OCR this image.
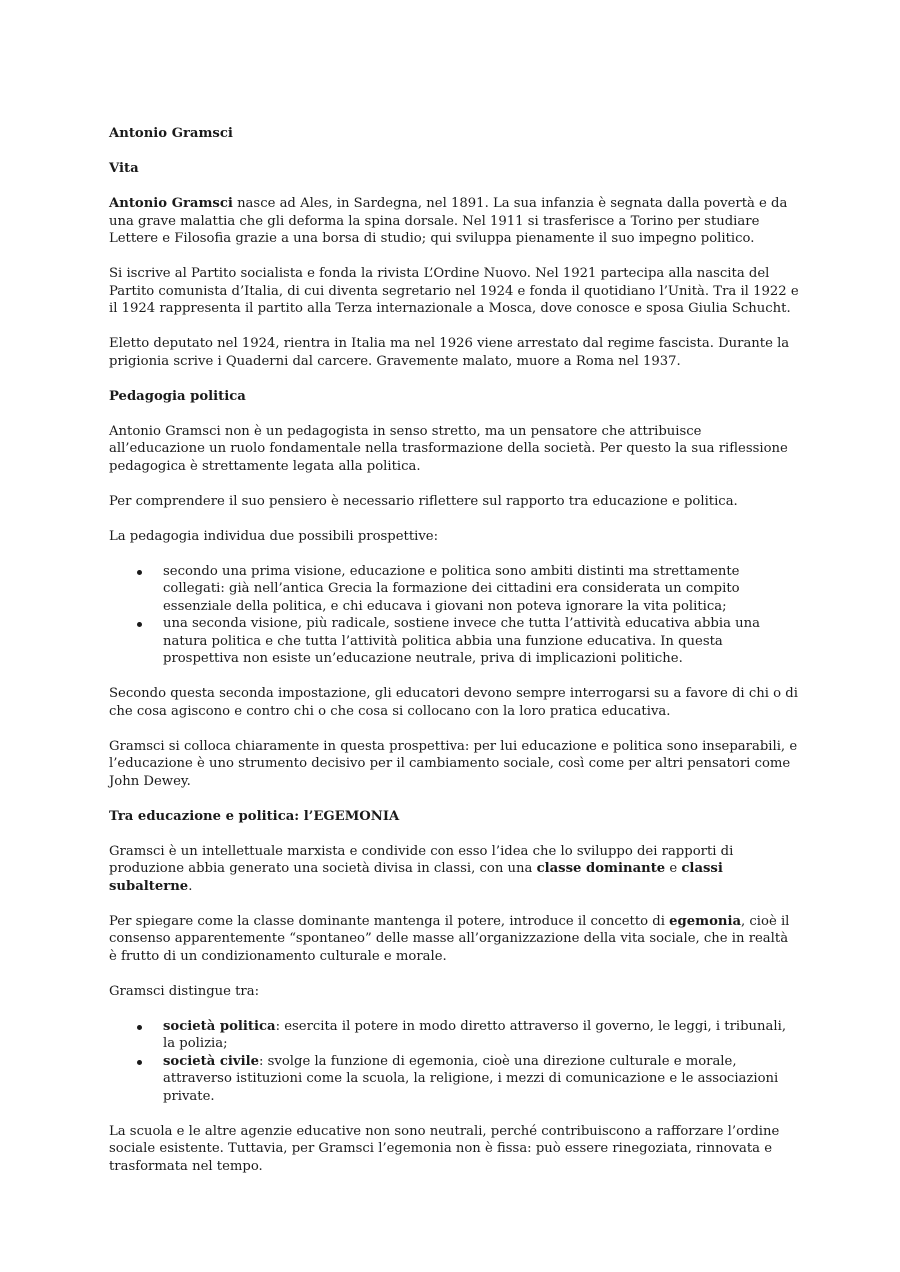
Antonio Gramsci
Vita

Antonio Gramsci nasce ad Ales, in Sardegna, nel 1891. La sua infanzia è segnata dalla povertà e da una grave malattia che gli deforma la spina dorsale. Nel 1911 si trasferisce a Torino per studiare Lettere e Filosofia grazie a una borsa di studio; qui sviluppa pienamente il suo impegno politico.

Si iscrive al Partito socialista e fonda la rivista L’Ordine Nuovo. Nel 1921 partecipa alla nascita del Partito comunista d’Italia, di cui diventa segretario nel 1924 e fonda il quotidiano l’Unità. Tra il 1922 e il 1924 rappresenta il partito alla Terza internazionale a Mosca, dove conosce e sposa Giulia Schucht.

Eletto deputato nel 1924, rientra in Italia ma nel 1926 viene arrestato dal regime fascista. Durante la prigionia scrive i Quaderni dal carcere. Gravemente malato, muore a Roma nel 1937.

Pedagogia politica

Antonio Gramsci non è un pedagogista in senso stretto, ma un pensatore che attribuisce all’educazione un ruolo fondamentale nella trasformazione della società. Per questo la sua riflessione pedagogica è strettamente legata alla politica.

Per comprendere il suo pensiero è necessario riflettere sul rapporto tra educazione e politica.

La pedagogia individua due possibili prospettive:

secondo una prima visione, educazione e politica sono ambiti distinti ma strettamente collegati: già nell’antica Grecia la formazione dei cittadini era considerata un compito essenziale della politica, e chi educava i giovani non poteva ignorare la vita politica;
una seconda visione, più radicale, sostiene invece che tutta l’attività educativa abbia una natura politica e che tutta l’attività politica abbia una funzione educativa. In questa prospettiva non esiste un’educazione neutrale, priva di implicazioni politiche.

Secondo questa seconda impostazione, gli educatori devono sempre interrogarsi su a favore di chi o di che cosa agiscono e contro chi o che cosa si collocano con la loro pratica educativa.

Gramsci si colloca chiaramente in questa prospettiva: per lui educazione e politica sono inseparabili, e l’educazione è uno strumento decisivo per il cambiamento sociale, così come per altri pensatori come John Dewey.

Tra educazione e politica: l’EGEMONIA

Gramsci è un intellettuale marxista e condivide con esso l’idea che lo sviluppo dei rapporti di produzione abbia generato una società divisa in classi, con una classe dominante e classi subalterne.

Per spiegare come la classe dominante mantenga il potere, introduce il concetto di egemonia, cioè il consenso apparentemente “spontaneo” delle masse all’organizzazione della vita sociale, che in realtà è frutto di un condizionamento culturale e morale.

Gramsci distingue tra:

società politica: esercita il potere in modo diretto attraverso il governo, le leggi, i tribunali, la polizia;
società civile: svolge la funzione di egemonia, cioè una direzione culturale e morale, attraverso istituzioni come la scuola, la religione, i mezzi di comunicazione e le associazioni private.

La scuola e le altre agenzie educative non sono neutrali, perché contribuiscono a rafforzare l’ordine sociale esistente. Tuttavia, per Gramsci l’egemonia non è fissa: può essere rinegoziata, rinnovata e trasformata nel tempo.
